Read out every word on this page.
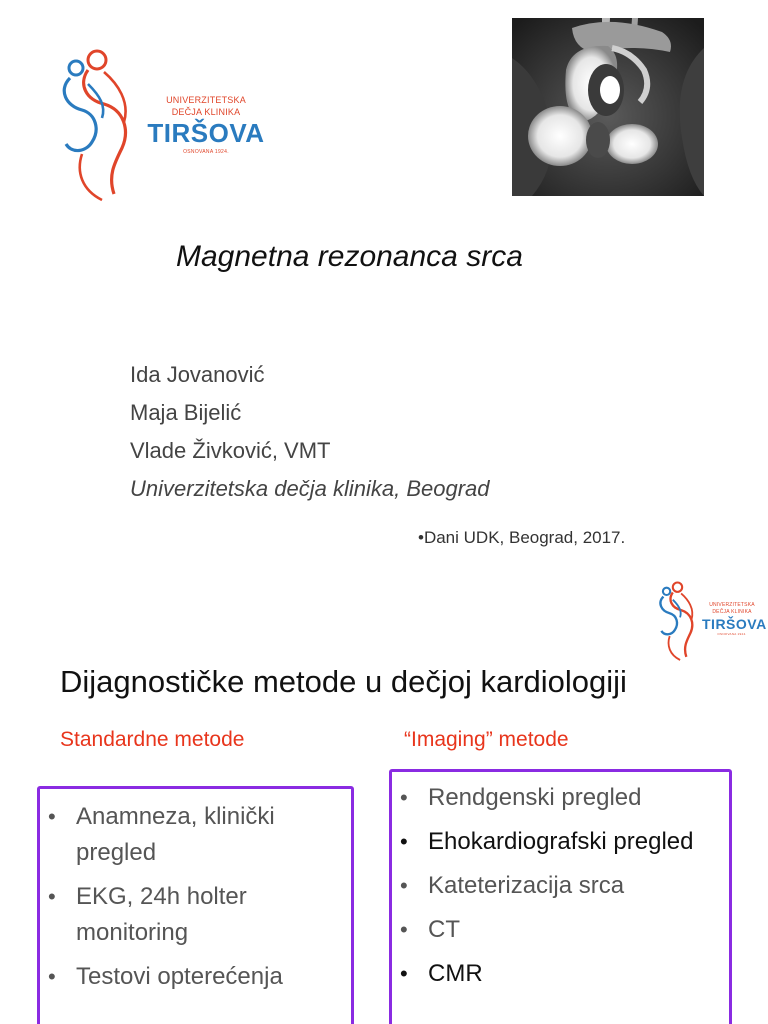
UNIVERZITETSKA
DEČJA KLINIKA
TIRŠOVA
OSNOVANA 1924.
Magnetna rezonanca srca
Ida Jovanović
Maja Bijelić
Vlade Živković, VMT
Univerzitetska dečja klinika, Beograd
•Dani UDK, Beograd, 2017.
UNIVERZITETSKA
DEČJA KLINIKA
TIRŠOVA
OSNOVANA 1924.
Dijagnostičke metode u dečjoj kardiologiji
Standardne metode	“Imaging” metode
• Anamneza, klinički pregled
• EKG, 24h holter monitoring
• Testovi opterećenja
• Rendgenski pregled
• Ehokardiografski pregled
• Kateterizacija srca
• CT
• CMR
